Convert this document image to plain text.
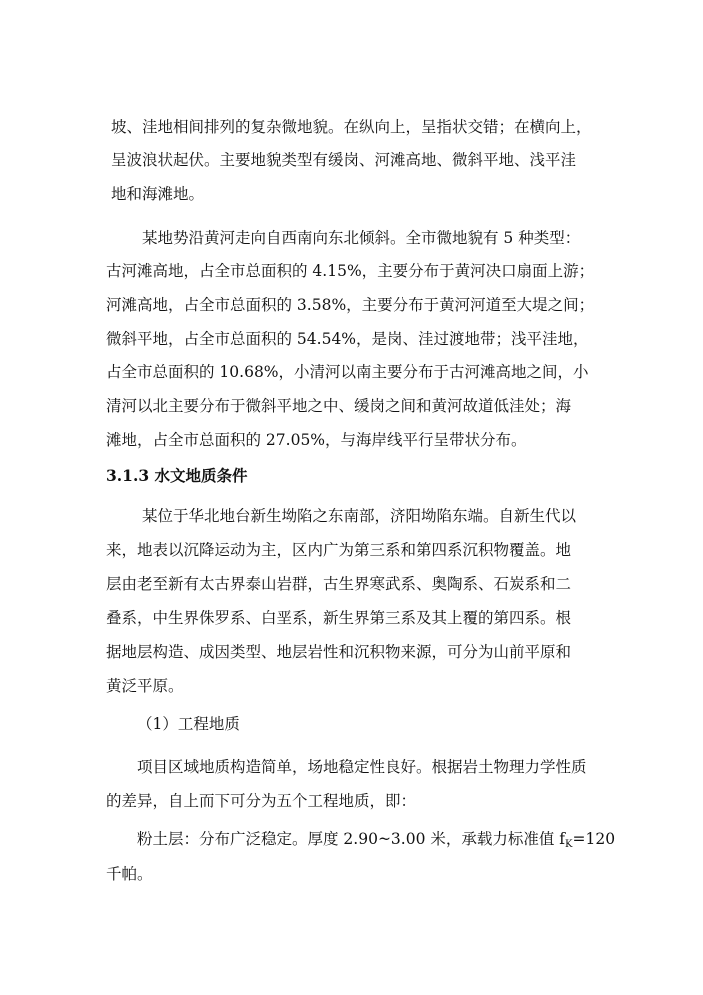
坡、洼地相间排列的复杂微地貌。在纵向上，呈指状交错；在横向上，
呈波浪状起伏。主要地貌类型有缓岗、河滩高地、微斜平地、浅平洼
地和海滩地。
某地势沿黄河走向自西南向东北倾斜。全市微地貌有 5 种类型：
古河滩高地，占全市总面积的 4.15%，主要分布于黄河决口扇面上游；
河滩高地，占全市总面积的 3.58%，主要分布于黄河河道至大堤之间；
微斜平地，占全市总面积的 54.54%，是岗、洼过渡地带；浅平洼地，
占全市总面积的 10.68%，小清河以南主要分布于古河滩高地之间，小
清河以北主要分布于微斜平地之中、缓岗之间和黄河故道低洼处；海
滩地，占全市总面积的 27.05%，与海岸线平行呈带状分布。
3.1.3 水文地质条件
某位于华北地台新生坳陷之东南部，济阳坳陷东端。自新生代以
来，地表以沉降运动为主，区内广为第三系和第四系沉积物覆盖。地
层由老至新有太古界泰山岩群，古生界寒武系、奥陶系、石炭系和二
叠系，中生界侏罗系、白垩系，新生界第三系及其上覆的第四系。根
据地层构造、成因类型、地层岩性和沉积物来源，可分为山前平原和
黄泛平原。
（1）工程地质
项目区域地质构造简单，场地稳定性良好。根据岩土物理力学性质
的差异，自上而下可分为五个工程地质，即：
粉土层：分布广泛稳定。厚度 2.90~3.00 米，承载力标准值 $f_K=120$
千帕。
